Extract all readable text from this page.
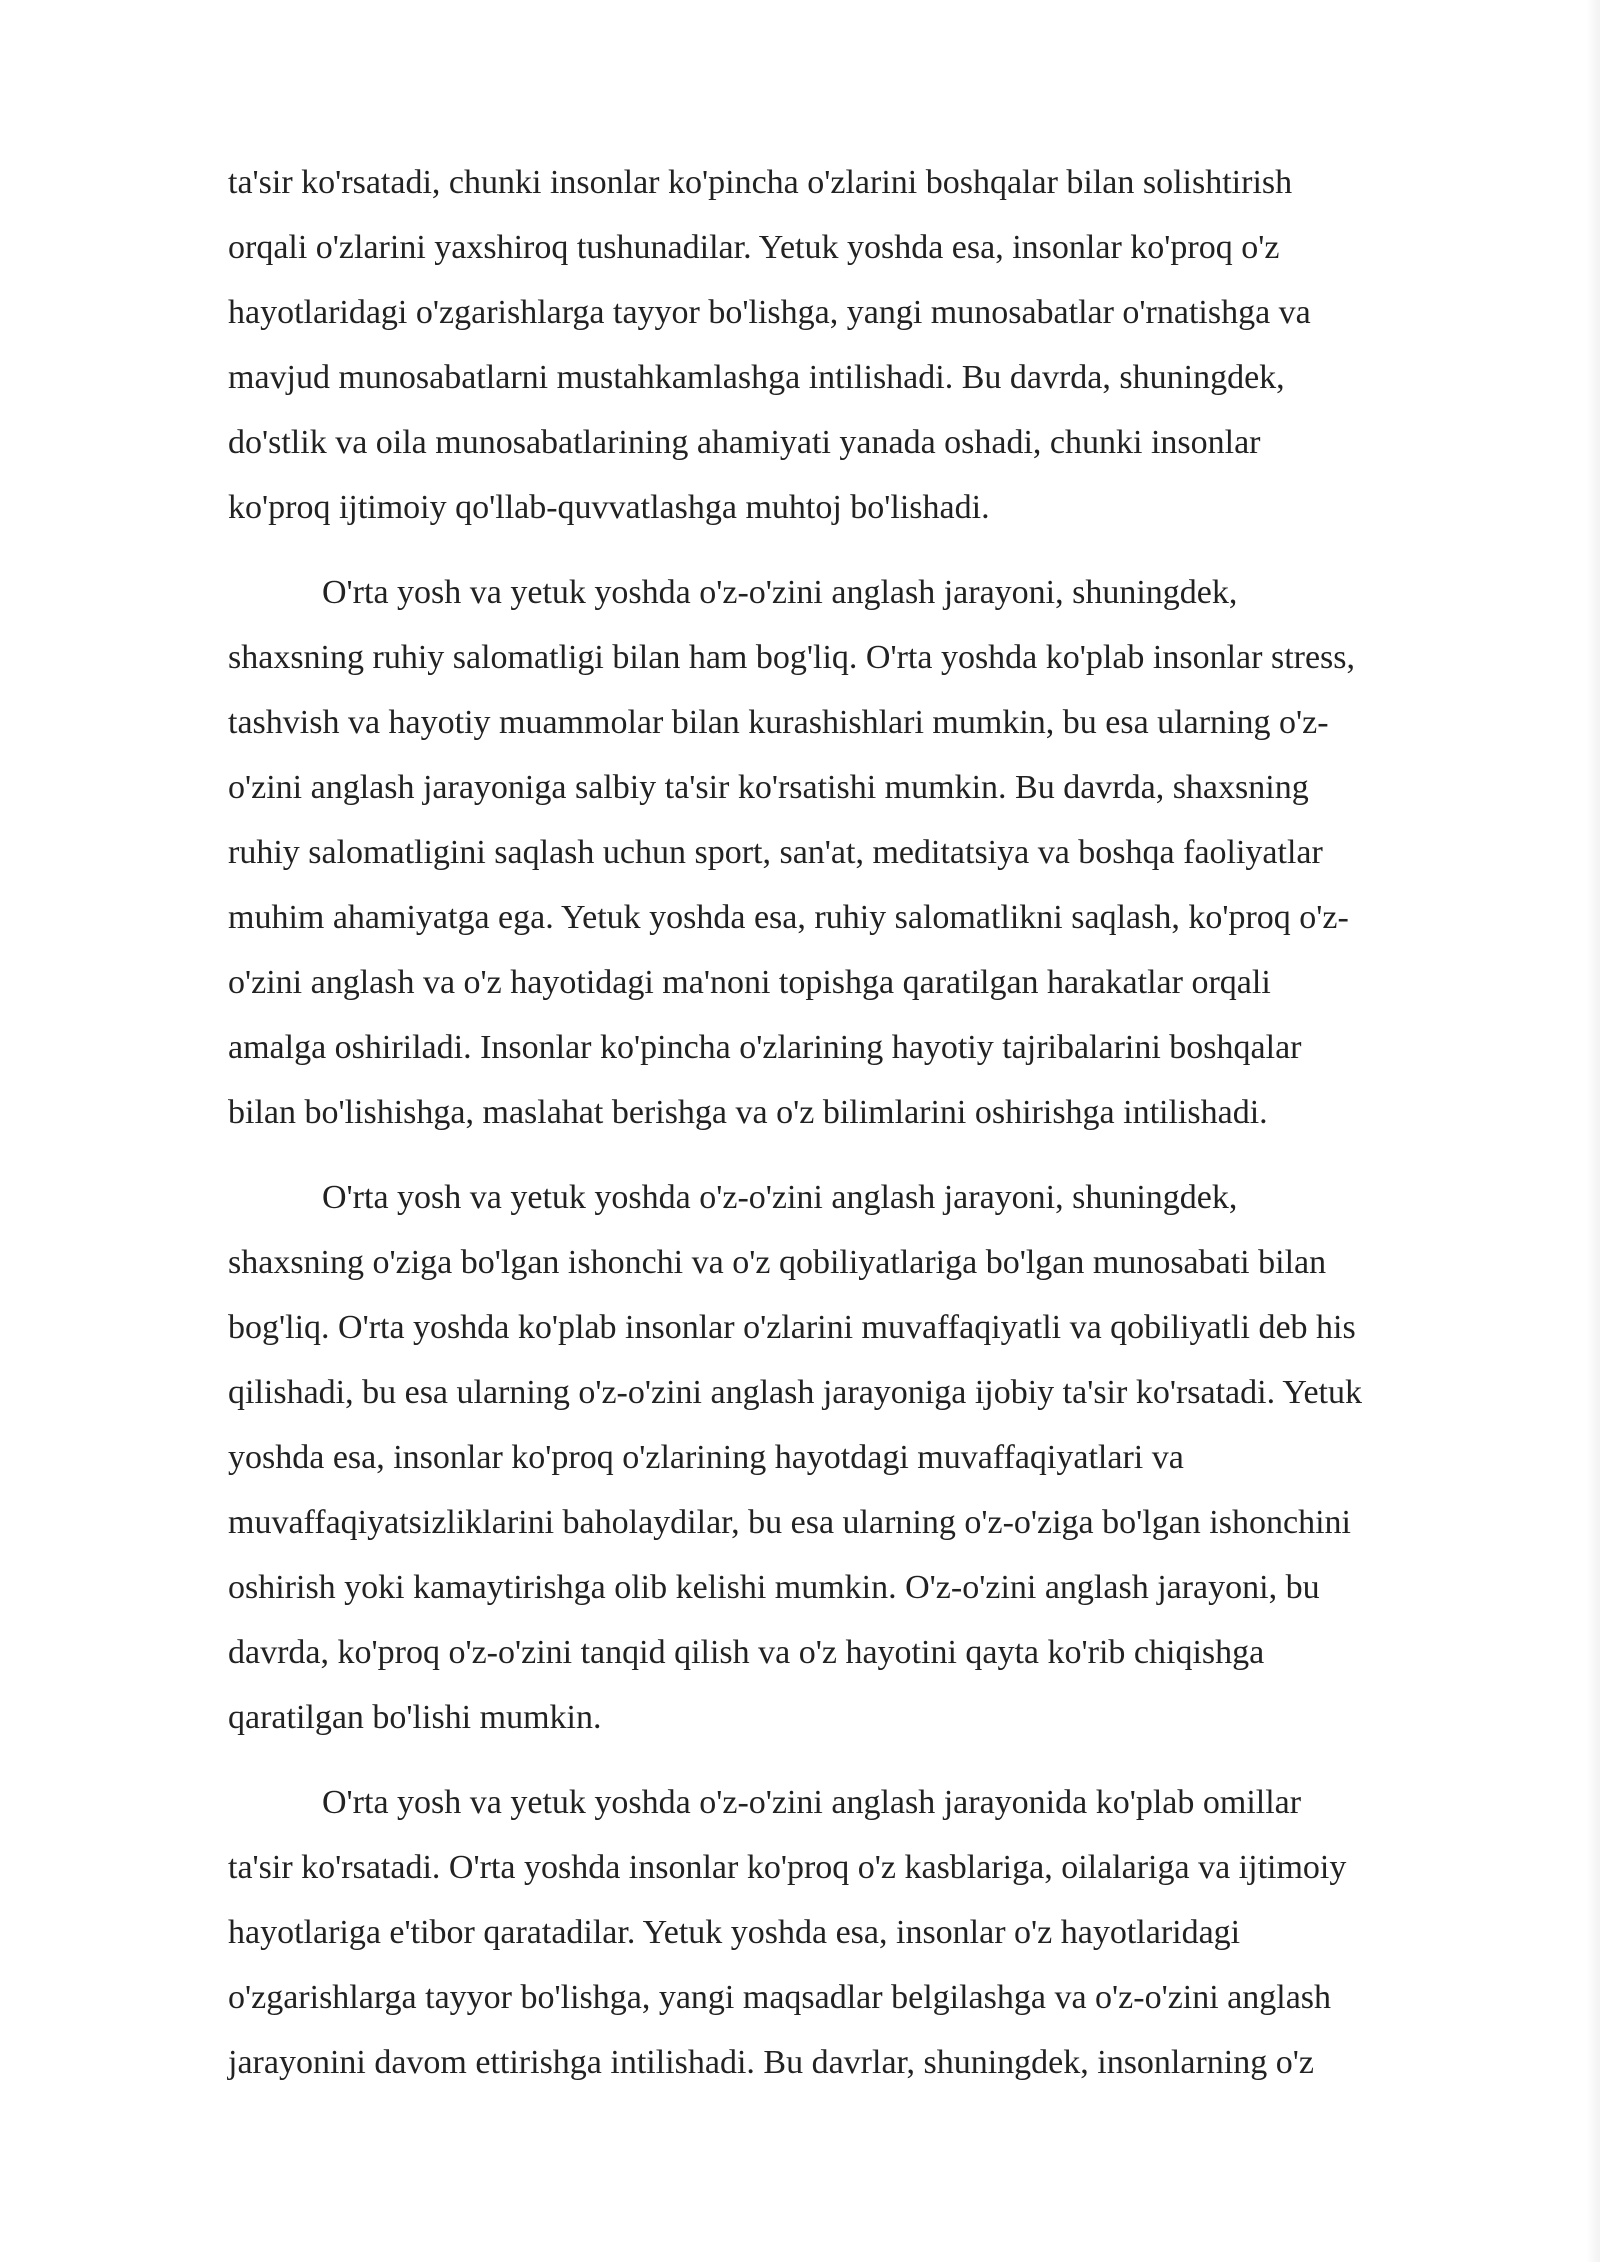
ta'sir ko'rsatadi, chunki insonlar ko'pincha o'zlarini boshqalar bilan solishtirish
orqali o'zlarini yaxshiroq tushunadilar. Yetuk yoshda esa, insonlar ko'proq o'z
hayotlaridagi o'zgarishlarga tayyor bo'lishga, yangi munosabatlar o'rnatishga va
mavjud munosabatlarni mustahkamlashga intilishadi. Bu davrda, shuningdek,
do'stlik va oila munosabatlarining ahamiyati yanada oshadi, chunki insonlar
ko'proq ijtimoiy qo'llab-quvvatlashga muhtoj bo'lishadi.

O'rta yosh va yetuk yoshda o'z-o'zini anglash jarayoni, shuningdek,
shaxsning ruhiy salomatligi bilan ham bog'liq. O'rta yoshda ko'plab insonlar stress,
tashvish va hayotiy muammolar bilan kurashishlari mumkin, bu esa ularning o'z-
o'zini anglash jarayoniga salbiy ta'sir ko'rsatishi mumkin. Bu davrda, shaxsning
ruhiy salomatligini saqlash uchun sport, san'at, meditatsiya va boshqa faoliyatlar
muhim ahamiyatga ega. Yetuk yoshda esa, ruhiy salomatlikni saqlash, ko'proq o'z-
o'zini anglash va o'z hayotidagi ma'noni topishga qaratilgan harakatlar orqali
amalga oshiriladi. Insonlar ko'pincha o'zlarining hayotiy tajribalarini boshqalar
bilan bo'lishishga, maslahat berishga va o'z bilimlarini oshirishga intilishadi.

O'rta yosh va yetuk yoshda o'z-o'zini anglash jarayoni, shuningdek,
shaxsning o'ziga bo'lgan ishonchi va o'z qobiliyatlariga bo'lgan munosabati bilan
bog'liq. O'rta yoshda ko'plab insonlar o'zlarini muvaffaqiyatli va qobiliyatli deb his
qilishadi, bu esa ularning o'z-o'zini anglash jarayoniga ijobiy ta'sir ko'rsatadi. Yetuk
yoshda esa, insonlar ko'proq o'zlarining hayotdagi muvaffaqiyatlari va
muvaffaqiyatsizliklarini baholaydilar, bu esa ularning o'z-o'ziga bo'lgan ishonchini
oshirish yoki kamaytirishga olib kelishi mumkin. O'z-o'zini anglash jarayoni, bu
davrda, ko'proq o'z-o'zini tanqid qilish va o'z hayotini qayta ko'rib chiqishga
qaratilgan bo'lishi mumkin.

O'rta yosh va yetuk yoshda o'z-o'zini anglash jarayonida ko'plab omillar
ta'sir ko'rsatadi. O'rta yoshda insonlar ko'proq o'z kasblariga, oilalariga va ijtimoiy
hayotlariga e'tibor qaratadilar. Yetuk yoshda esa, insonlar o'z hayotlaridagi
o'zgarishlarga tayyor bo'lishga, yangi maqsadlar belgilashga va o'z-o'zini anglash
jarayonini davom ettirishga intilishadi. Bu davrlar, shuningdek, insonlarning o'z
